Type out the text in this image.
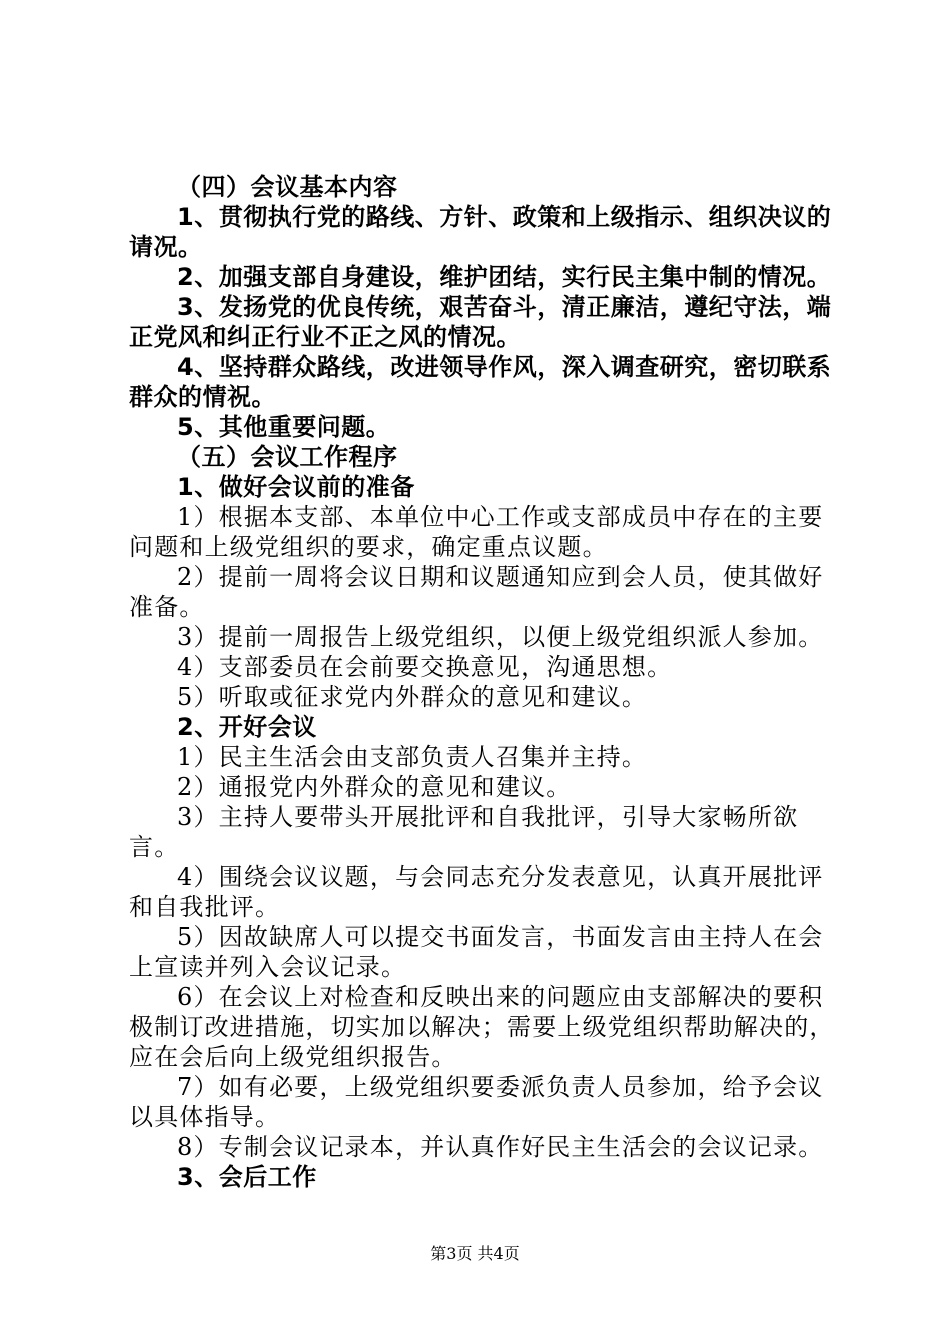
（四）会议基本内容

1、贯彻执行党的路线、方针、政策和上级指示、组织决议的请况。

2、加强支部自身建设，维护团结，实行民主集中制的情况。

3、发扬党的优良传统，艰苦奋斗，清正廉洁，遵纪守法，端正党风和纠正行业不正之风的情况。

4、坚持群众路线，改进领导作风，深入调查研究，密切联系群众的情祝。

5、其他重要问题。

（五）会议工作程序

1、做好会议前的准备

1）根据本支部、本单位中心工作或支部成员中存在的主要问题和上级党组织的要求，确定重点议题。

2）提前一周将会议日期和议题通知应到会人员，使其做好准备。

3）提前一周报告上级党组织，以便上级党组织派人参加。

4）支部委员在会前要交换意见，沟通思想。

5）听取或征求党内外群众的意见和建议。

2、开好会议

1）民主生活会由支部负责人召集并主持。

2）通报党内外群众的意见和建议。

3）主持人要带头开展批评和自我批评，引导大家畅所欲言。

4）围绕会议议题，与会同志充分发表意见，认真开展批评和自我批评。

5）因故缺席人可以提交书面发言，书面发言由主持人在会上宣读并列入会议记录。

6）在会议上对检查和反映出来的问题应由支部解决的要积极制订改进措施，切实加以解决；需要上级党组织帮助解决的，应在会后向上级党组织报告。

7）如有必要，上级党组织要委派负责人员参加，给予会议以具体指导。

8）专制会议记录本，并认真作好民主生活会的会议记录。

3、会后工作

第3页 共4页
